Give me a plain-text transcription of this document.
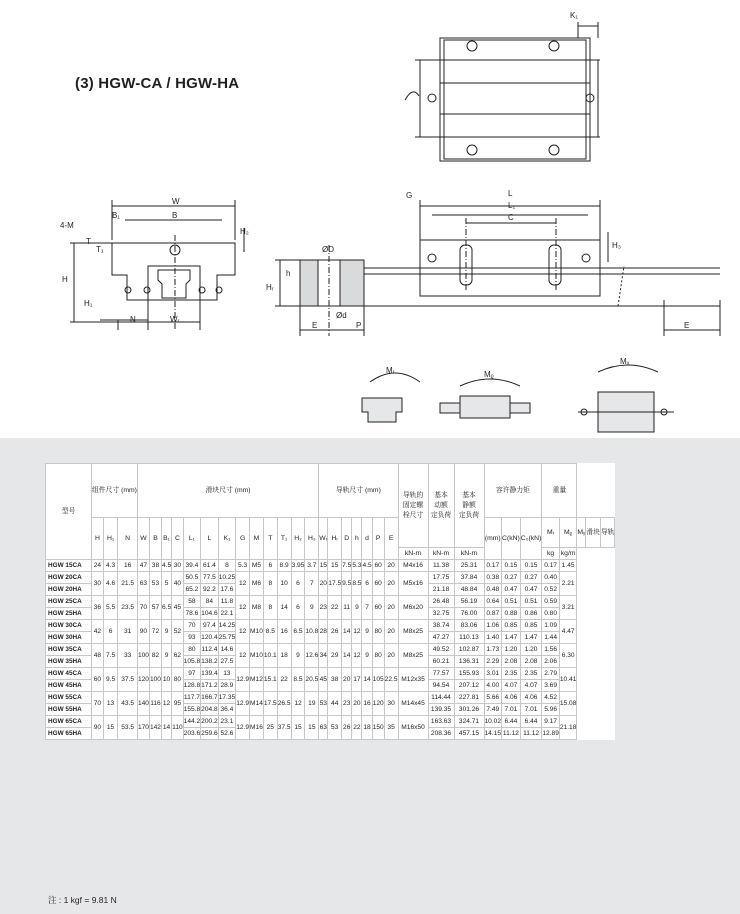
(3) HGW-CA / HGW-HA
K₁
W
B
B₁
4-M
T
T₁
H
H₁
H₂
N	Wᵣ
ØD
h
Hᵣ
Ød
E	P
G	L
L₁
C
H₃
E
Mᵣ	Mᵨ
Mᵧ
型号	组件尺寸 (mm)			滑块尺寸 (mm)													导轨尺寸 (mm)							导轨的
固定螺
栓尺寸	基本
动额
定负荷	基本
静额
定负荷	容许静力矩			重量				
	H	H₁	N	W	B	B₁	C	L₁	L	K₁	G	M	T	T₁	H₂	H₃	Wᵣ	Hᵣ	D	h	d	P	E				(mm)	C(kN)	C₀(kN)	Mᵣ	Mᵨ	Mᵧ	滑块	导轨
																								kN-m	kN-m	kN-m				kg	kg/m			
HGW 15CA	24	4.3	16	47	38	4.5	30	39.4	61.4	8	5.3	M5	6	8.9	3.95	3.7	15	15	7.5	5.3	4.5	60	20	M4x16	11.38	25.31	0.17	0.15	0.15	0.17	1.45			
HGW 20CA	30	4.6	21.5	63	53	5	40	50.5	77.5	10.25	12	M6	8	10	6	7	20	17.5	9.5	8.5	6	60	20	M5x16	17.75	37.84	0.38	0.27	0.27	0.40	2.21			
HGW 20HA								65.2	92.2	17.6															21.18	48.84	0.48	0.47	0.47	0.52				
HGW 25CA	36	5.5	23.5	70	57	6.5	45	58	84	11.8	12	M8	8	14	6	9	23	22	11	9	7	60	20	M6x20	26.48	56.19	0.64	0.51	0.51	0.59	3.21			
HGW 25HA								78.6	104.6	22.1															32.75	76.00	0.87	0.88	0.86	0.80				
HGW 30CA	42	6	31	90	72	9	52	70	97.4	14.25	12	M10	8.5	16	6.5	10.8	28	26	14	12	9	80	20	M8x25	38.74	83.06	1.06	0.85	0.85	1.09	4.47			
HGW 30HA								93	120.4	25.75															47.27	110.13	1.40	1.47	1.47	1.44				
HGW 35CA	48	7.5	33	100	82	9	62	80	112.4	14.6	12	M10	10.1	18	9	12.6	34	29	14	12	9	80	20	M8x25	49.52	102.87	1.73	1.20	1.20	1.56	6.30			
HGW 35HA								105.8	138.2	27.5															60.21	136.31	2.29	2.08	2.08	2.06				
HGW 45CA	60	9.5	37.5	120	100	10	80	97	139.4	13	12.9	M12	15.1	22	8.5	20.5	45	38	20	17	14	105	22.5	M12x35	77.57	155.93	3.01	2.35	2.35	2.79	10.41			
HGW 45HA								128.8	171.2	28.9															94.54	207.12	4.00	4.07	4.07	3.69				
HGW 55CA	70	13	43.5	140	116	12	95	117.7	166.7	17.35	12.9	M14	17.5	26.5	12	19	53	44	23	20	16	120	30	M14x45	114.44	227.81	5.66	4.06	4.06	4.52	15.08			
HGW 55HA								155.8	204.8	36.4															139.35	301.26	7.49	7.01	7.01	5.96				
HGW 65CA	90	15	53.5	170	142	14	110	144.2	200.2	23.1	12.9	M16	25	37.5	15	15	63	53	26	22	18	150	35	M16x50	163.63	324.71	10.02	6.44	6.44	9.17	21.18			
HGW 65HA								203.6	259.6	52.6															208.36	457.15	14.15	11.12	11.12	12.89				
注 : 1 kgf = 9.81 N
